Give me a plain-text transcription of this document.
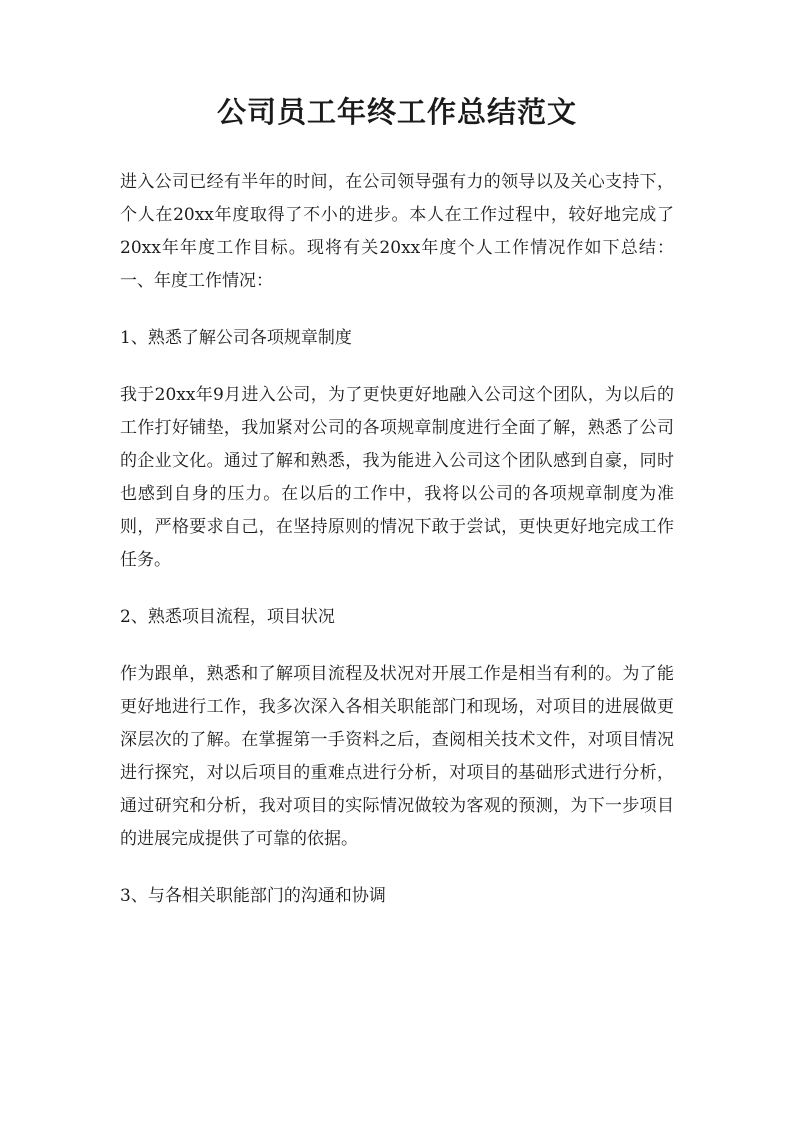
公司员工年终工作总结范文

进入公司已经有半年的时间，在公司领导强有力的领导以及关心支持下，个人在20xx年度取得了不小的进步。本人在工作过程中，较好地完成了20xx年年度工作目标。现将有关20xx年度个人工作情况作如下总结：一、年度工作情况：

1、熟悉了解公司各项规章制度

我于20xx年9月进入公司，为了更快更好地融入公司这个团队，为以后的工作打好铺垫，我加紧对公司的各项规章制度进行全面了解，熟悉了公司的企业文化。通过了解和熟悉，我为能进入公司这个团队感到自豪，同时也感到自身的压力。在以后的工作中，我将以公司的各项规章制度为准则，严格要求自己，在坚持原则的情况下敢于尝试，更快更好地完成工作任务。

2、熟悉项目流程，项目状况

作为跟单，熟悉和了解项目流程及状况对开展工作是相当有利的。为了能更好地进行工作，我多次深入各相关职能部门和现场，对项目的进展做更深层次的了解。在掌握第一手资料之后，查阅相关技术文件，对项目情况进行探究，对以后项目的重难点进行分析，对项目的基础形式进行分析，通过研究和分析，我对项目的实际情况做较为客观的预测，为下一步项目的进展完成提供了可靠的依据。

3、与各相关职能部门的沟通和协调
